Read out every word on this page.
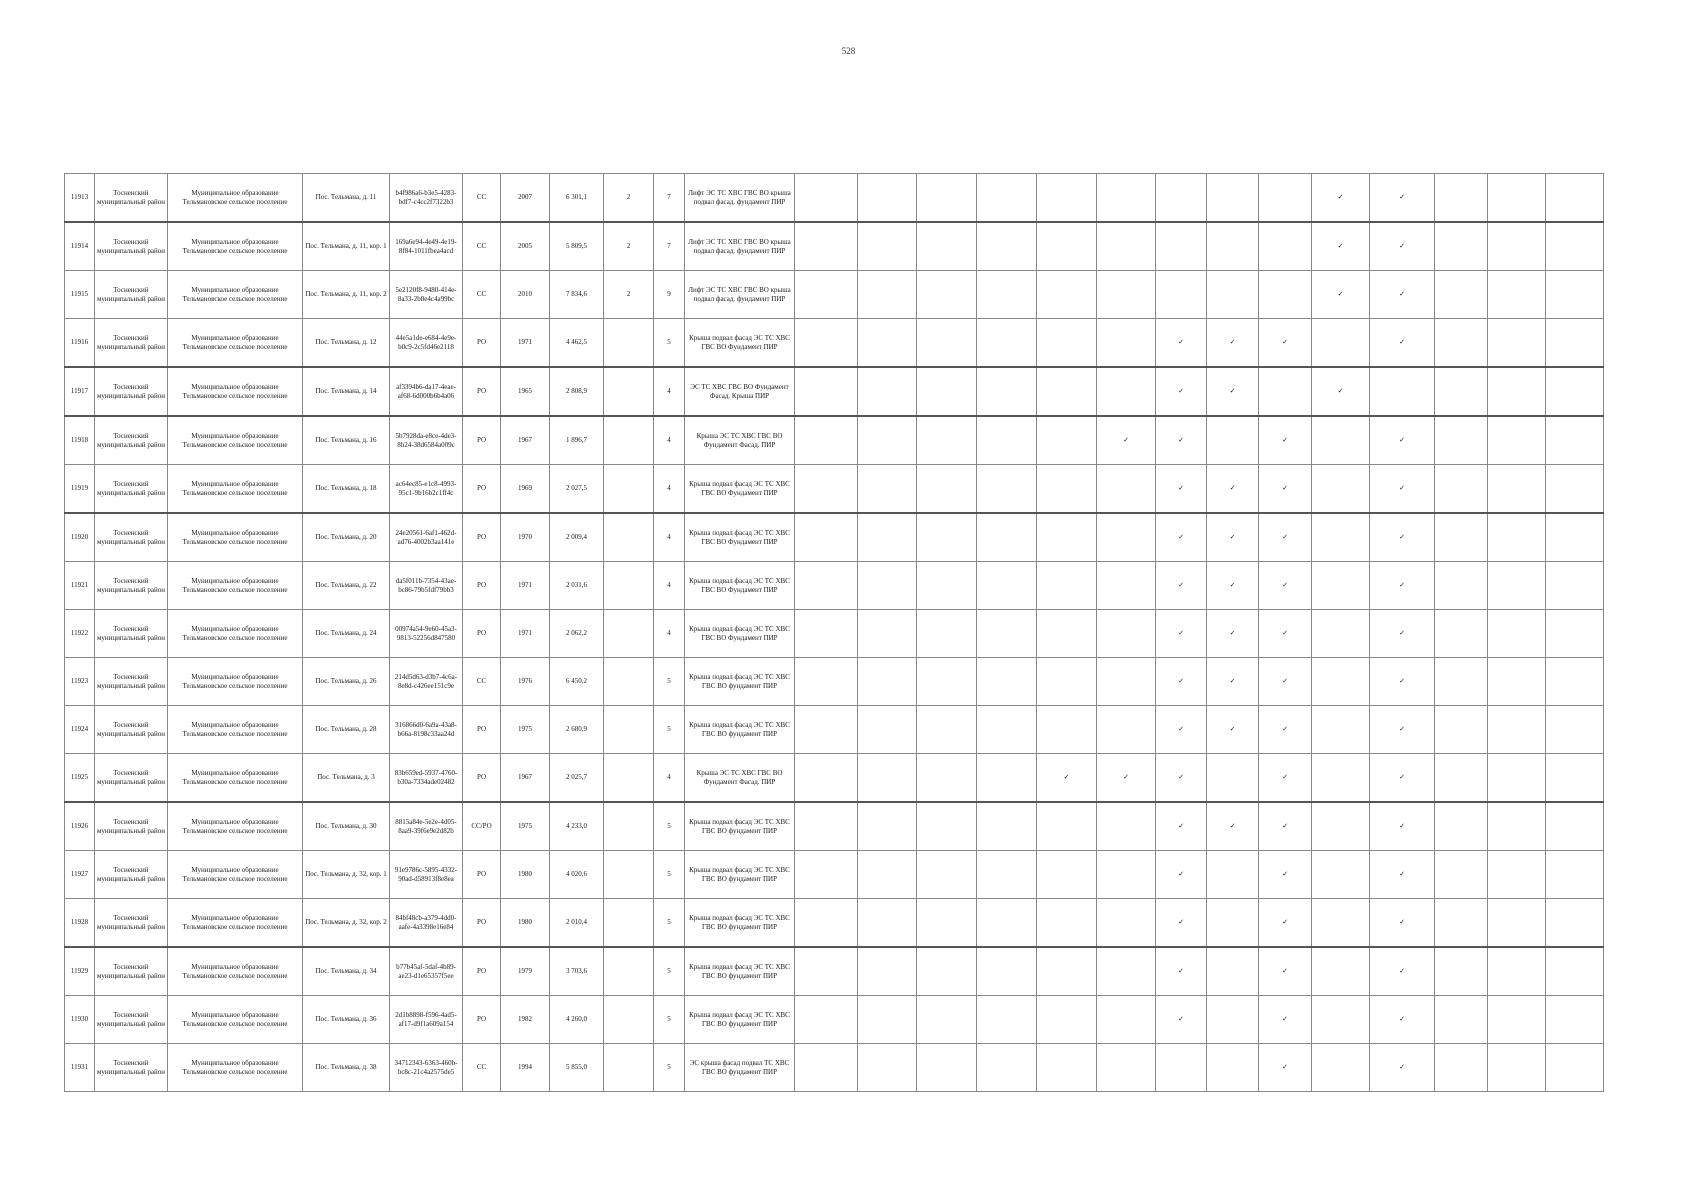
528
11913	Тосненский муниципальный район	Муниципальное образование Тельмановское сельское поселение	Пос. Тельмана, д. 11	b4f986a6-b3e5-4283-bdf7-c4cc2f7322b3	СС	2007	6 301,1	2	7	Лифт ЭС ТС ХВС ГВС ВО крыша подвал фасад. фундамент ПИР										✓	✓			
11914	Тосненский муниципальный район	Муниципальное образование Тельмановское сельское поселение	Пос. Тельмана, д. 11, кор. 1	169a6e94-4e49-4e19-8f84-1011fbea4acd	СС	2005	5 809,5	2	7	Лифт ЭС ТС ХВС ГВС ВО крыша подвал фасад. фундамент ПИР										✓	✓			
11915	Тосненский муниципальный район	Муниципальное образование Тельмановское сельское поселение	Пос. Тельмана, д. 11, кор. 2	5e2120f8-9480-414e-8a33-2b8e4c4a99bc	СС	2010	7 834,6	2	9	Лифт ЭС ТС ХВС ГВС ВО крыша подвал фасад. фундамент ПИР										✓	✓			
11916	Тосненский муниципальный район	Муниципальное образование Тельмановское сельское поселение	Пос. Тельмана, д. 12	44e5a1de-e684-4e9e-b0c9-2c5fd46e2118	РО	1971	4 462,5		5	Крыша подвал фасад ЭС ТС ХВС ГВС ВО Фундамент ПИР							✓	✓	✓		✓			
11917	Тосненский муниципальный район	Муниципальное образование Тельмановское сельское поселение	Пос. Тельмана, д. 14	af3394b6-da17-4eae-af68-6d000b6b4a06	РО	1965	2 808,9		4	ЭС ТС ХВС ГВС ВО Фундамент Фасад. Крыша ПИР							✓	✓		✓				
11918	Тосненский муниципальный район	Муниципальное образование Тельмановское сельское поселение	Пос. Тельмана, д. 16	5b7928da-e8ce-4de3-8b24-38d6584a009c	РО	1967	1 896,7		4	Крыша ЭС ТС ХВС ГВС ВО Фундамент Фасад. ПИР						✓	✓		✓		✓			
11919	Тосненский муниципальный район	Муниципальное образование Тельмановское сельское поселение	Пос. Тельмана, д. 18	ac64ec85-e1c8-4993-95c1-9b16b2c1ff4c	РО	1969	2 027,5		4	Крыша подвал фасад ЭС ТС ХВС ГВС ВО Фундамент ПИР							✓	✓	✓		✓			
11920	Тосненский муниципальный район	Муниципальное образование Тельмановское сельское поселение	Пос. Тельмана, д. 20	24e20561-6af1-462d-ad76-4002b3aa141e	РО	1970	2 009,4		4	Крыша подвал фасад ЭС ТС ХВС ГВС ВО Фундамент ПИР							✓	✓	✓		✓			
11921	Тосненский муниципальный район	Муниципальное образование Тельмановское сельское поселение	Пос. Тельмана, д. 22	da5f011b-7354-43ae-bc86-79b5fdf79bb3	РО	1971	2 031,6		4	Крыша подвал фасад ЭС ТС ХВС ГВС ВО Фундамент ПИР							✓	✓	✓		✓			
11922	Тосненский муниципальный район	Муниципальное образование Тельмановское сельское поселение	Пос. Тельмана, д. 24	00974a54-9e60-45a3-9813-52256d847580	РО	1971	2 062,2		4	Крыша подвал фасад ЭС ТС ХВС ГВС ВО Фундамент ПИР							✓	✓	✓		✓			
11923	Тосненский муниципальный район	Муниципальное образование Тельмановское сельское поселение	Пос. Тельмана, д. 26	214d5d63-d3b7-4c6a-8e8d-c426ee151c9e	СС	1976	6 450,2		5	Крыша подвал фасад ЭС ТС ХВС ГВС ВО фундамент ПИР							✓	✓	✓		✓			
11924	Тосненский муниципальный район	Муниципальное образование Тельмановское сельское поселение	Пос. Тельмана, д. 28	316866d0-6a9a-43a8-b66a-8198c33aa24d	РО	1975	2 680,9		5	Крыша подвал фасад ЭС ТС ХВС ГВС ВО фундамент ПИР							✓	✓	✓		✓			
11925	Тосненский муниципальный район	Муниципальное образование Тельмановское сельское поселение	Пос. Тельмана, д. 3	83b659ed-5937-4760-b30a-7334ade02482	РО	1967	2 025,7		4	Крыша ЭС ТС ХВС ГВС ВО Фундамент Фасад. ПИР					✓	✓	✓		✓		✓			
11926	Тосненский муниципальный район	Муниципальное образование Тельмановское сельское поселение	Пос. Тельмана, д. 30	8815a84e-5e2e-4d05-8aa9-39f6e9e2d82b	СС/РО	1975	4 233,0		5	Крыша подвал фасад ЭС ТС ХВС ГВС ВО фундамент ПИР							✓	✓	✓		✓			
11927	Тосненский муниципальный район	Муниципальное образование Тельмановское сельское поселение	Пос. Тельмана, д. 32, кор. 1	91e9786c-5895-4332-90ad-d58913f8e8ea	РО	1980	4 020,6		5	Крыша подвал фасад ЭС ТС ХВС ГВС ВО фундамент ПИР							✓		✓		✓			
11928	Тосненский муниципальный район	Муниципальное образование Тельмановское сельское поселение	Пос. Тельмана, д. 32, кор. 2	84bf48cb-a379-4dd0-aafe-4a3398e16e84	РО	1980	2 010,4		5	Крыша подвал фасад ЭС ТС ХВС ГВС ВО фундамент ПИР							✓		✓		✓			
11929	Тосненский муниципальный район	Муниципальное образование Тельмановское сельское поселение	Пос. Тельмана, д. 34	b77b45af-5daf-4b89-ae23-d1e65357f5ee	РО	1979	3 703,6		5	Крыша подвал фасад ЭС ТС ХВС ГВС ВО фундамент ПИР							✓		✓		✓			
11930	Тосненский муниципальный район	Муниципальное образование Тельмановское сельское поселение	Пос. Тельмана, д. 36	2d1b8898-f596-4ad5-af17-d9f1a609a154	РО	1982	4 260,0		5	Крыша подвал фасад ЭС ТС ХВС ГВС ВО фундамент ПИР							✓		✓		✓			
11931	Тосненский муниципальный район	Муниципальное образование Тельмановское сельское поселение	Пос. Тельмана, д. 38	34712343-6363-460b-bc8c-21c4a2575de5	СС	1994	5 855,0		5	ЭС крыша фасад подвал ТС ХВС ГВС ВО фундамент ПИР									✓		✓			
